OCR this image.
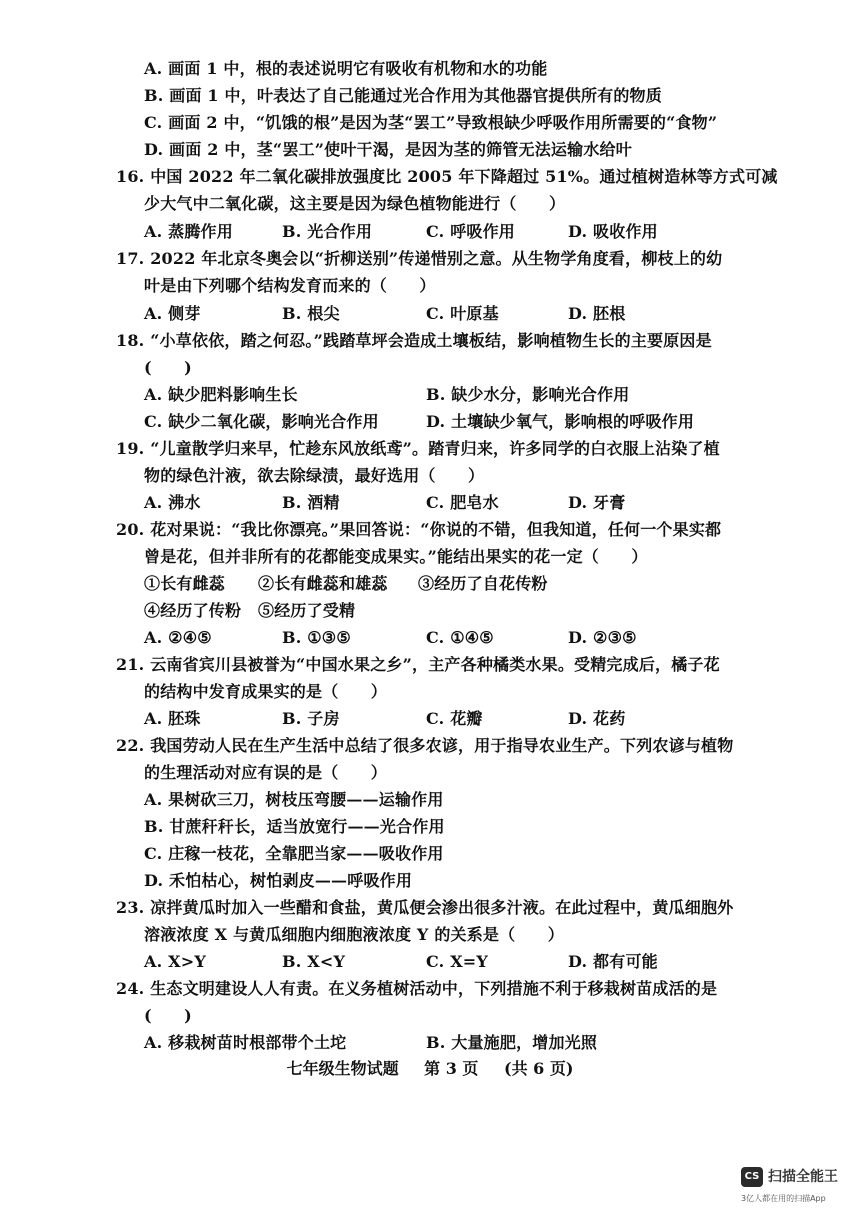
A. 画面 1 中，根的表述说明它有吸收有机物和水的功能
B. 画面 1 中，叶表达了自己能通过光合作用为其他器官提供所有的物质
C. 画面 2 中，“饥饿的根”是因为茎“罢工”导致根缺少呼吸作用所需要的“食物”
D. 画面 2 中，茎“罢工”使叶干渴，是因为茎的筛管无法运输水给叶
16. 中国 2022 年二氧化碳排放强度比 2005 年下降超过 51%。通过植树造林等方式可减
少大气中二氧化碳，这主要是因为绿色植物能进行（　　）
A. 蒸腾作用	B. 光合作用	C. 呼吸作用	D. 吸收作用
17. 2022 年北京冬奥会以“折柳送别”传递惜别之意。从生物学角度看，柳枝上的幼
叶是由下列哪个结构发育而来的（　　）
A. 侧芽	B. 根尖	C. 叶原基	D. 胚根
18. “小草依依，踏之何忍。”践踏草坪会造成土壤板结，影响植物生长的主要原因是
(　　)
A. 缺少肥料影响生长	B. 缺少水分，影响光合作用
C. 缺少二氧化碳，影响光合作用	D. 土壤缺少氧气，影响根的呼吸作用
19. “儿童散学归来早，忙趁东风放纸鸢”。踏青归来，许多同学的白衣服上沾染了植
物的绿色汁液，欲去除绿渍，最好选用（　　）
A. 沸水	B. 酒精	C. 肥皂水	D. 牙膏
20. 花对果说：“我比你漂亮。”果回答说：“你说的不错，但我知道，任何一个果实都
曾是花，但并非所有的花都能变成果实。”能结出果实的花一定（　　）
①长有雌蕊 ②长有雌蕊和雄蕊 ③经历了自花传粉
④经历了传粉 ⑤经历了受精
A. ②④⑤	B. ①③⑤	C. ①④⑤	D. ②③⑤
21. 云南省宾川县被誉为“中国水果之乡”，主产各种橘类水果。受精完成后，橘子花
的结构中发育成果实的是（　　）
A. 胚珠	B. 子房	C. 花瓣	D. 花药
22. 我国劳动人民在生产生活中总结了很多农谚，用于指导农业生产。下列农谚与植物
的生理活动对应有误的是（　　）
A. 果树砍三刀，树枝压弯腰——运输作用
B. 甘蔗秆秆长，适当放宽行——光合作用
C. 庄稼一枝花，全靠肥当家——吸收作用
D. 禾怕枯心，树怕剥皮——呼吸作用
23. 凉拌黄瓜时加入一些醋和食盐，黄瓜便会渗出很多汁液。在此过程中，黄瓜细胞外
溶液浓度 X 与黄瓜细胞内细胞液浓度 Y 的关系是（　　）
A. X>Y	B. X<Y	C. X=Y	D. 都有可能
24. 生态文明建设人人有责。在义务植树活动中，下列措施不利于移栽树苗成活的是
(　　)
A. 移栽树苗时根部带个土坨	B. 大量施肥，增加光照
七年级生物试题 第 3 页 (共 6 页)
CS 扫描全能王
3亿人都在用的扫描App
